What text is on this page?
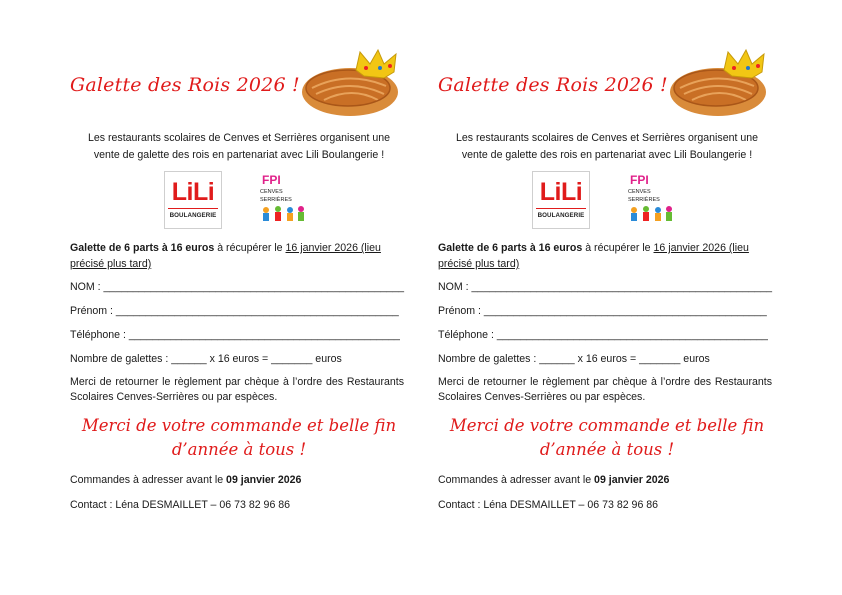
Galette des Rois 2026 !
Les restaurants scolaires de Cenves et Serrières organisent une
vente de galette des rois en partenariat avec Lili Boulangerie !
LiLi
BOULANGERIE
FPI
CENVES
SERRIÈRES
Galette de 6 parts à 16 euros à récupérer le 16 janvier 2026 (lieu
précisé plus tard)
NOM : ___________________________________________________
Prénom : ________________________________________________
Téléphone : ______________________________________________
Nombre de galettes : ______ x 16 euros = _______ euros
Merci de retourner le règlement par chèque à l’ordre des Restaurants Scolaires Cenves-Serrières ou par espèces.
Merci de votre commande et belle fin
d’année à tous !
Commandes à adresser avant le 09 janvier 2026
Contact : Léna DESMAILLET – 06 73 82 96 86
Galette des Rois 2026 !
Les restaurants scolaires de Cenves et Serrières organisent une
vente de galette des rois en partenariat avec Lili Boulangerie !
LiLi
BOULANGERIE
FPI
CENVES
SERRIÈRES
Galette de 6 parts à 16 euros à récupérer le 16 janvier 2026 (lieu
précisé plus tard)
NOM : ___________________________________________________
Prénom : ________________________________________________
Téléphone : ______________________________________________
Nombre de galettes : ______ x 16 euros = _______ euros
Merci de retourner le règlement par chèque à l’ordre des Restaurants Scolaires Cenves-Serrières ou par espèces.
Merci de votre commande et belle fin
d’année à tous !
Commandes à adresser avant le 09 janvier 2026
Contact : Léna DESMAILLET – 06 73 82 96 86
